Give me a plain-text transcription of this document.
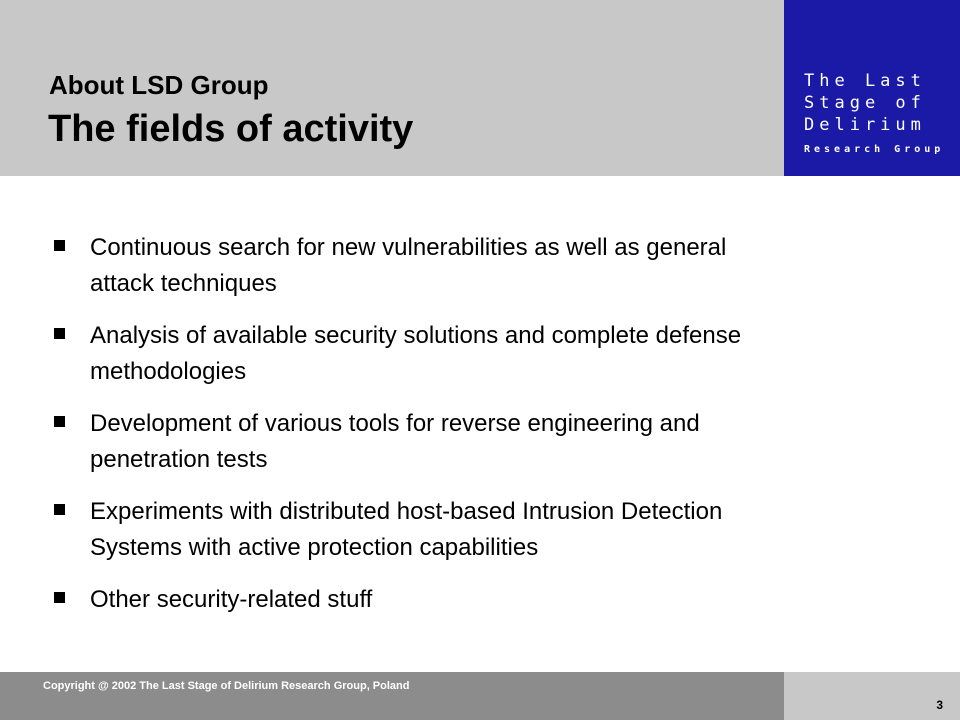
The Last
Stage of
Delirium
Research Group
About LSD Group
The fields of activity
Continuous search for new vulnerabilities as well as general attack techniques
Analysis of available security solutions and complete defense methodologies
Development of various tools for reverse engineering and penetration tests
Experiments with distributed host-based Intrusion Detection Systems with active protection capabilities
Other security-related stuff
Copyright @ 2002 The Last Stage of Delirium Research Group, Poland
3
